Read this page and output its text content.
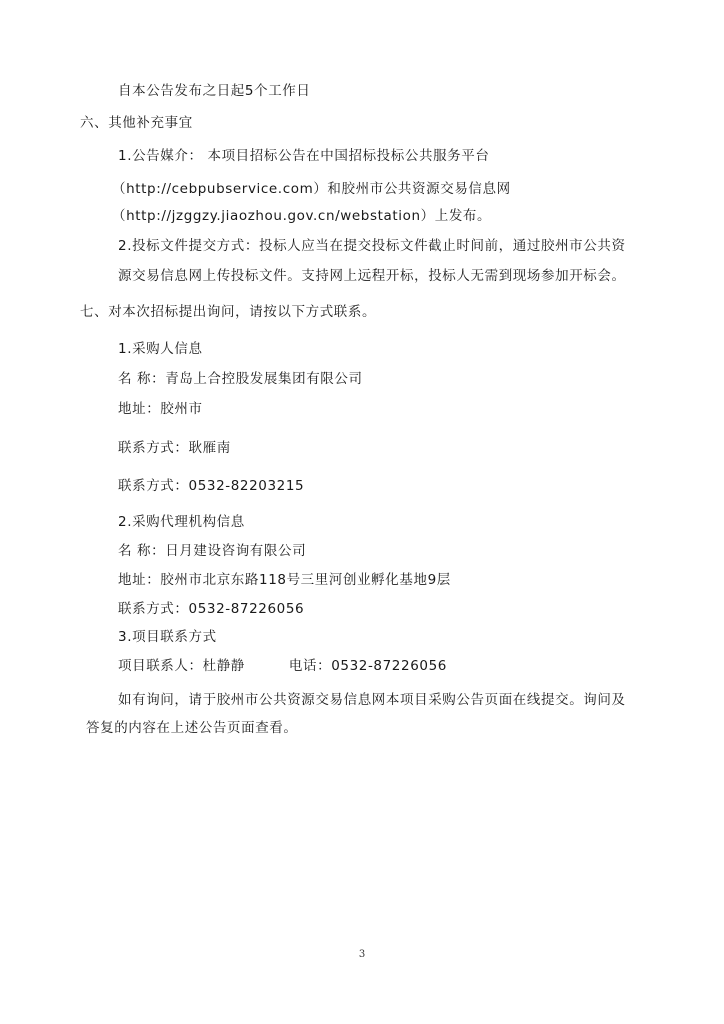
自本公告发布之日起5个工作日
六、其他补充事宜
1.公告媒介： 本项目招标公告在中国招标投标公共服务平台
（http://cebpubservice.com）和胶州市公共资源交易信息网
（http://jzggzy.jiaozhou.gov.cn/webstation）上发布。
2.投标文件提交方式：投标人应当在提交投标文件截止时间前，通过胶州市公共资
源交易信息网上传投标文件。支持网上远程开标，投标人无需到现场参加开标会。
七、对本次招标提出询问，请按以下方式联系。
1.采购人信息
名 称：青岛上合控股发展集团有限公司
地址：胶州市
联系方式：耿雁南
联系方式：0532-82203215
2.采购代理机构信息
名 称：日月建设咨询有限公司
地址：胶州市北京东路118号三里河创业孵化基地9层
联系方式：0532-87226056
3.项目联系方式
项目联系人：杜静静	电话：0532-87226056
如有询问，请于胶州市公共资源交易信息网本项目采购公告页面在线提交。询问及
答复的内容在上述公告页面查看。
3
